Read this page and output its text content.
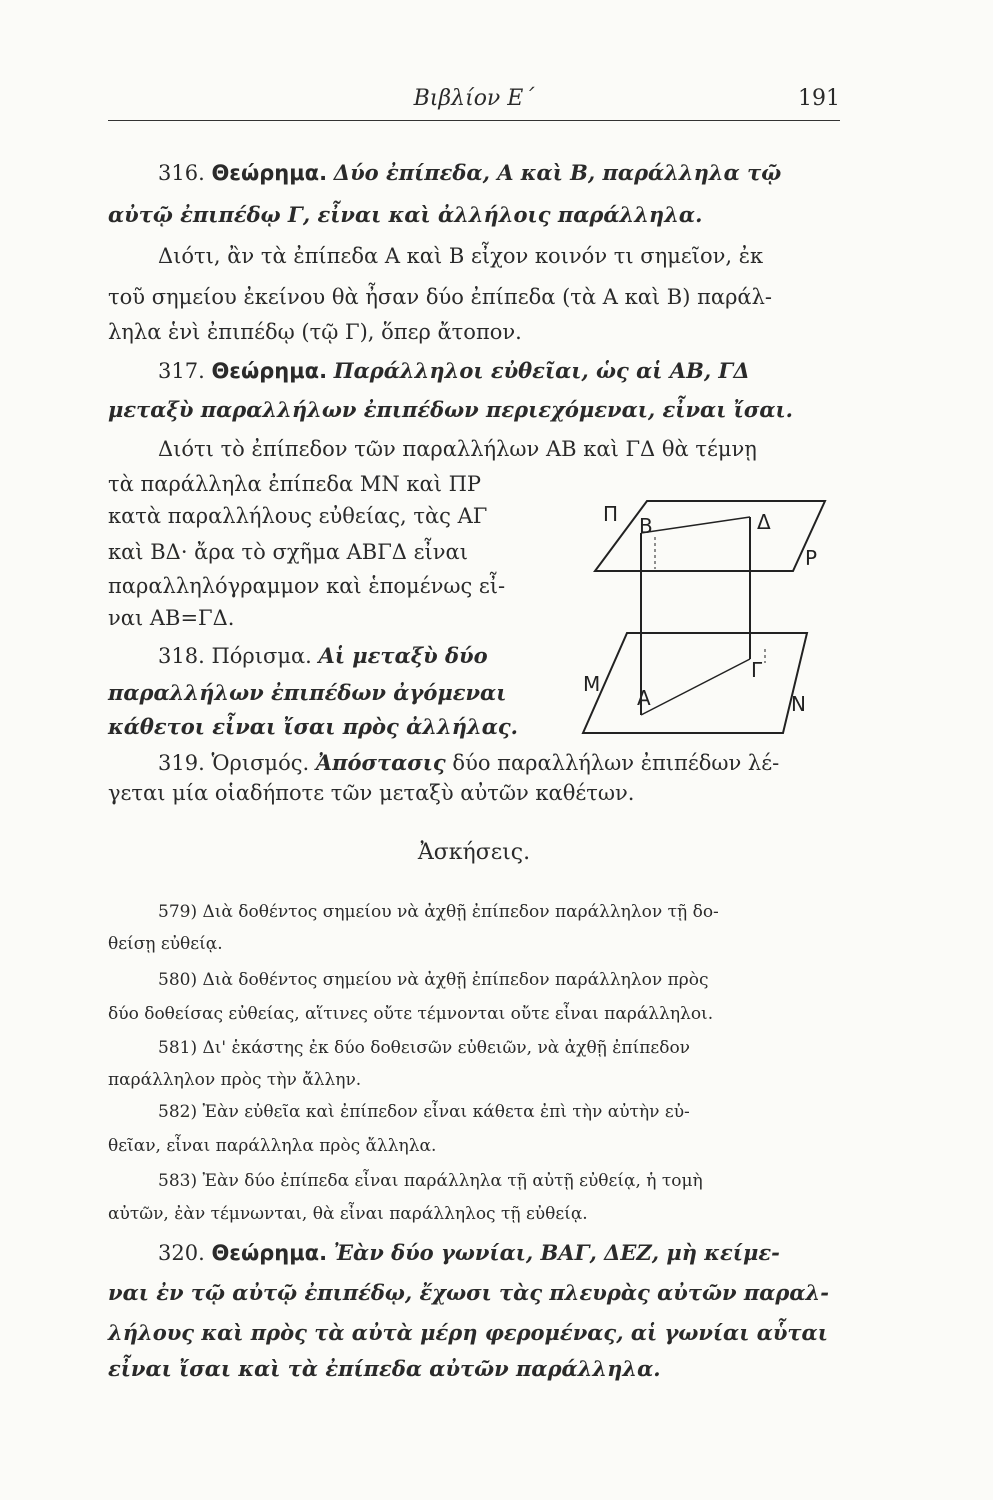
Βιβλίον Ε΄	191
316. Θεώρημα. Δύο ἐπίπεδα, Α καὶ Β, παράλληλα τῷ
αὐτῷ ἐπιπέδῳ Γ, εἶναι καὶ ἀλλήλοις παράλληλα.
Διότι, ἂν τὰ ἐπίπεδα Α καὶ Β εἶχον κοινόν τι σημεῖον, ἐκ
τοῦ σημείου ἐκείνου θὰ ἦσαν δύο ἐπίπεδα (τὰ Α καὶ Β) παράλ-
ληλα ἑνὶ ἐπιπέδῳ (τῷ Γ), ὅπερ ἄτοπον.
317. Θεώρημα. Παράλληλοι εὐθεῖαι, ὡς αἱ ΑΒ, ΓΔ
μεταξὺ παραλλήλων ἐπιπέδων περιεχόμεναι, εἶναι ἴσαι.
Διότι τὸ ἐπίπεδον τῶν παραλλήλων ΑΒ καὶ ΓΔ θὰ τέμνῃ
τὰ παράλληλα ἐπίπεδα ΜΝ καὶ ΠΡ
κατὰ παραλλήλους εὐθείας, τὰς ΑΓ
καὶ ΒΔ· ἄρα τὸ σχῆμα ΑΒΓΔ εἶναι
παραλληλόγραμμον καὶ ἑπομένως εἶ-
ναι ΑΒ=ΓΔ.
318. Πόρισμα. Αἱ μεταξὺ δύο
παραλλήλων ἐπιπέδων ἀγόμεναι
κάθετοι εἶναι ἴσαι πρὸς ἀλλήλας.
319. Ὁρισμός. Ἀπόστασις δύο παραλλήλων ἐπιπέδων λέ-
γεται μία οἱαδήποτε τῶν μεταξὺ αὐτῶν καθέτων.
Ἀσκήσεις.
579) Διὰ δοθέντος σημείου νὰ ἀχθῇ ἐπίπεδον παράλληλον τῇ δο-
θείσῃ εὐθείᾳ.
580) Διὰ δοθέντος σημείου νὰ ἀχθῇ ἐπίπεδον παράλληλον πρὸς
δύο δοθείσας εὐθείας, αἵτινες οὔτε τέμνονται οὔτε εἶναι παράλληλοι.
581) Δι' ἑκάστης ἐκ δύο δοθεισῶν εὐθειῶν, νὰ ἀχθῇ ἐπίπεδον
παράλληλον πρὸς τὴν ἄλλην.
582) Ἐὰν εὐθεῖα καὶ ἐπίπεδον εἶναι κάθετα ἐπὶ τὴν αὐτὴν εὐ-
θεῖαν, εἶναι παράλληλα πρὸς ἄλληλα.
583) Ἐὰν δύο ἐπίπεδα εἶναι παράλληλα τῇ αὐτῇ εὐθείᾳ, ἡ τομὴ
αὐτῶν, ἐὰν τέμνωνται, θὰ εἶναι παράλληλος τῇ εὐθείᾳ.
320. Θεώρημα. Ἐὰν δύο γωνίαι, ΒΑΓ, ΔΕΖ, μὴ κείμε-
ναι ἐν τῷ αὐτῷ ἐπιπέδῳ, ἔχωσι τὰς πλευρὰς αὐτῶν παραλ-
λήλους καὶ πρὸς τὰ αὐτὰ μέρη φερομένας, αἱ γωνίαι αὗται
εἶναι ἴσαι καὶ τὰ ἐπίπεδα αὐτῶν παράλληλα.
Π Β	Δ
Ρ
Μ
Γ
Α	Ν
